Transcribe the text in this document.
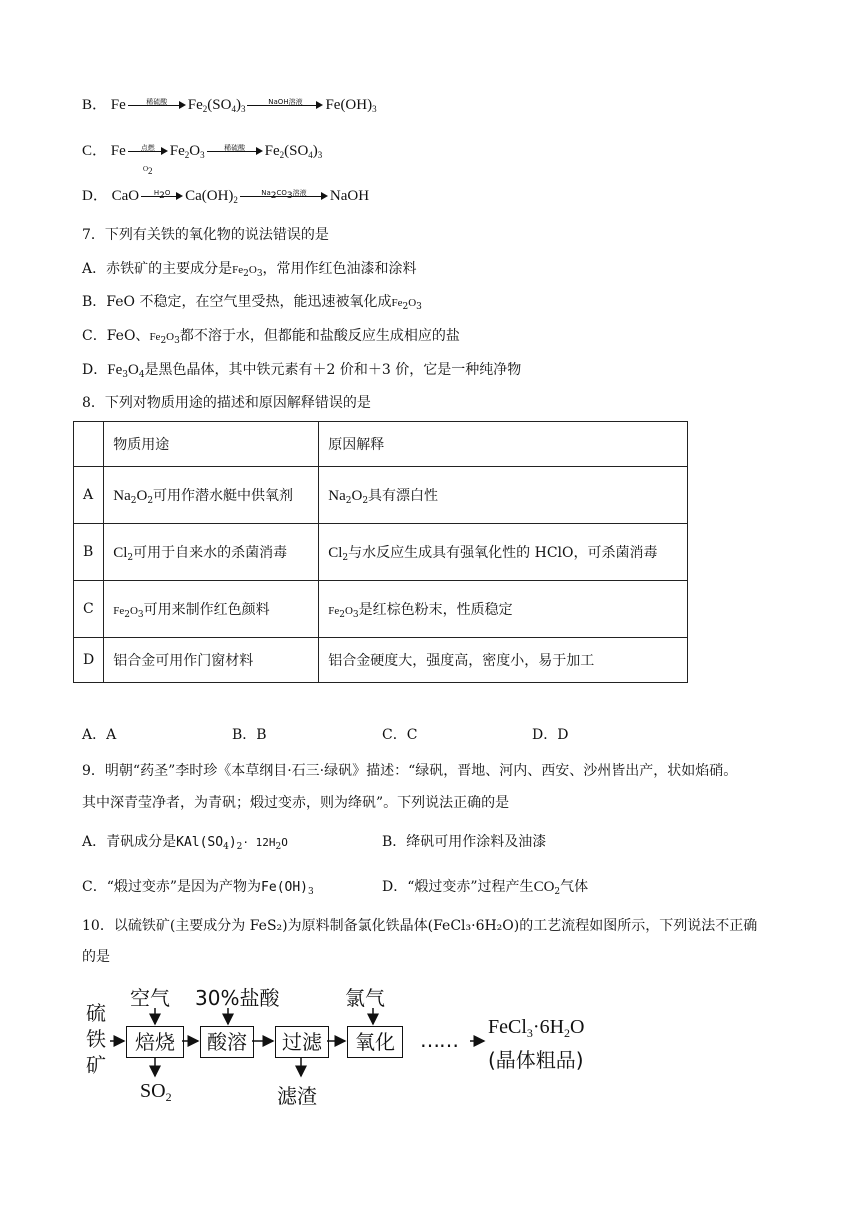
B． Fe	稀硫酸	$Fe_2(SO_4)_3$
NaOH溶液	$Fe(OH)_3$
C． Fe	点燃
$O_2$
$Fe_2O_3$
稀硫酸	$Fe_2(SO_4)_3$
D． CaO	$H_2O$ $Ca(OH)_2$
$Na_2CO_3$溶液	NaOH
7．下列有关铁的氧化物的说法错误的是
A．赤铁矿的主要成分是$Fe_2O_3$，常用作红色油漆和涂料
B．FeO 不稳定，在空气里受热，能迅速被氧化成$Fe_2O_3$
C．FeO、$Fe_2O_3$都不溶于水，但都能和盐酸反应生成相应的盐
D．$Fe_3O_4$是黑色晶体，其中铁元素有＋2 价和＋3 价，它是一种纯净物
8．下列对物质用途的描述和原因解释错误的是
	物质用途	原因解释
A	$Na_2O_2$可用作潜水艇中供氧剂	$Na_2O_2$具有漂白性
B	$Cl_2$可用于自来水的杀菌消毒	$Cl_2$与水反应生成具有强氧化性的 HClO，可杀菌消毒
C	$Fe_2O_3$可用来制作红色颜料	$Fe_2O_3$是红棕色粉末，性质稳定
D	铝合金可用作门窗材料	铝合金硬度大，强度高，密度小，易于加工
A．A	B．B	C．C	D．D
9．明朝“药圣”李时珍《本草纲目·石三·绿矾》描述：“绿矾，晋地、河内、西安、沙州皆出产，状如焰硝。
其中深青莹净者，为青矾；煅过变赤，则为绛矾”。下列说法正确的是
A．青矾成分是$KAl(SO_4)_2\cdot 12H_2O$	B．绛矾可用作涂料及油漆
C．“煅过变赤”是因为产物为$Fe(OH)_3$	D．“煅过变赤”过程产生$CO_2$气体
10．以硫铁矿(主要成分为 FeS₂)为原料制备氯化铁晶体(FeCl₃·6H₂O)的工艺流程如图所示，下列说法不正确
的是
硫
铁
矿
空气 30%盐酸	氯气
焙烧	酸溶	过滤	氧化	……
$FeCl_3\cdot 6H_2O$
(晶体粗品)
$SO_2$	滤渣
